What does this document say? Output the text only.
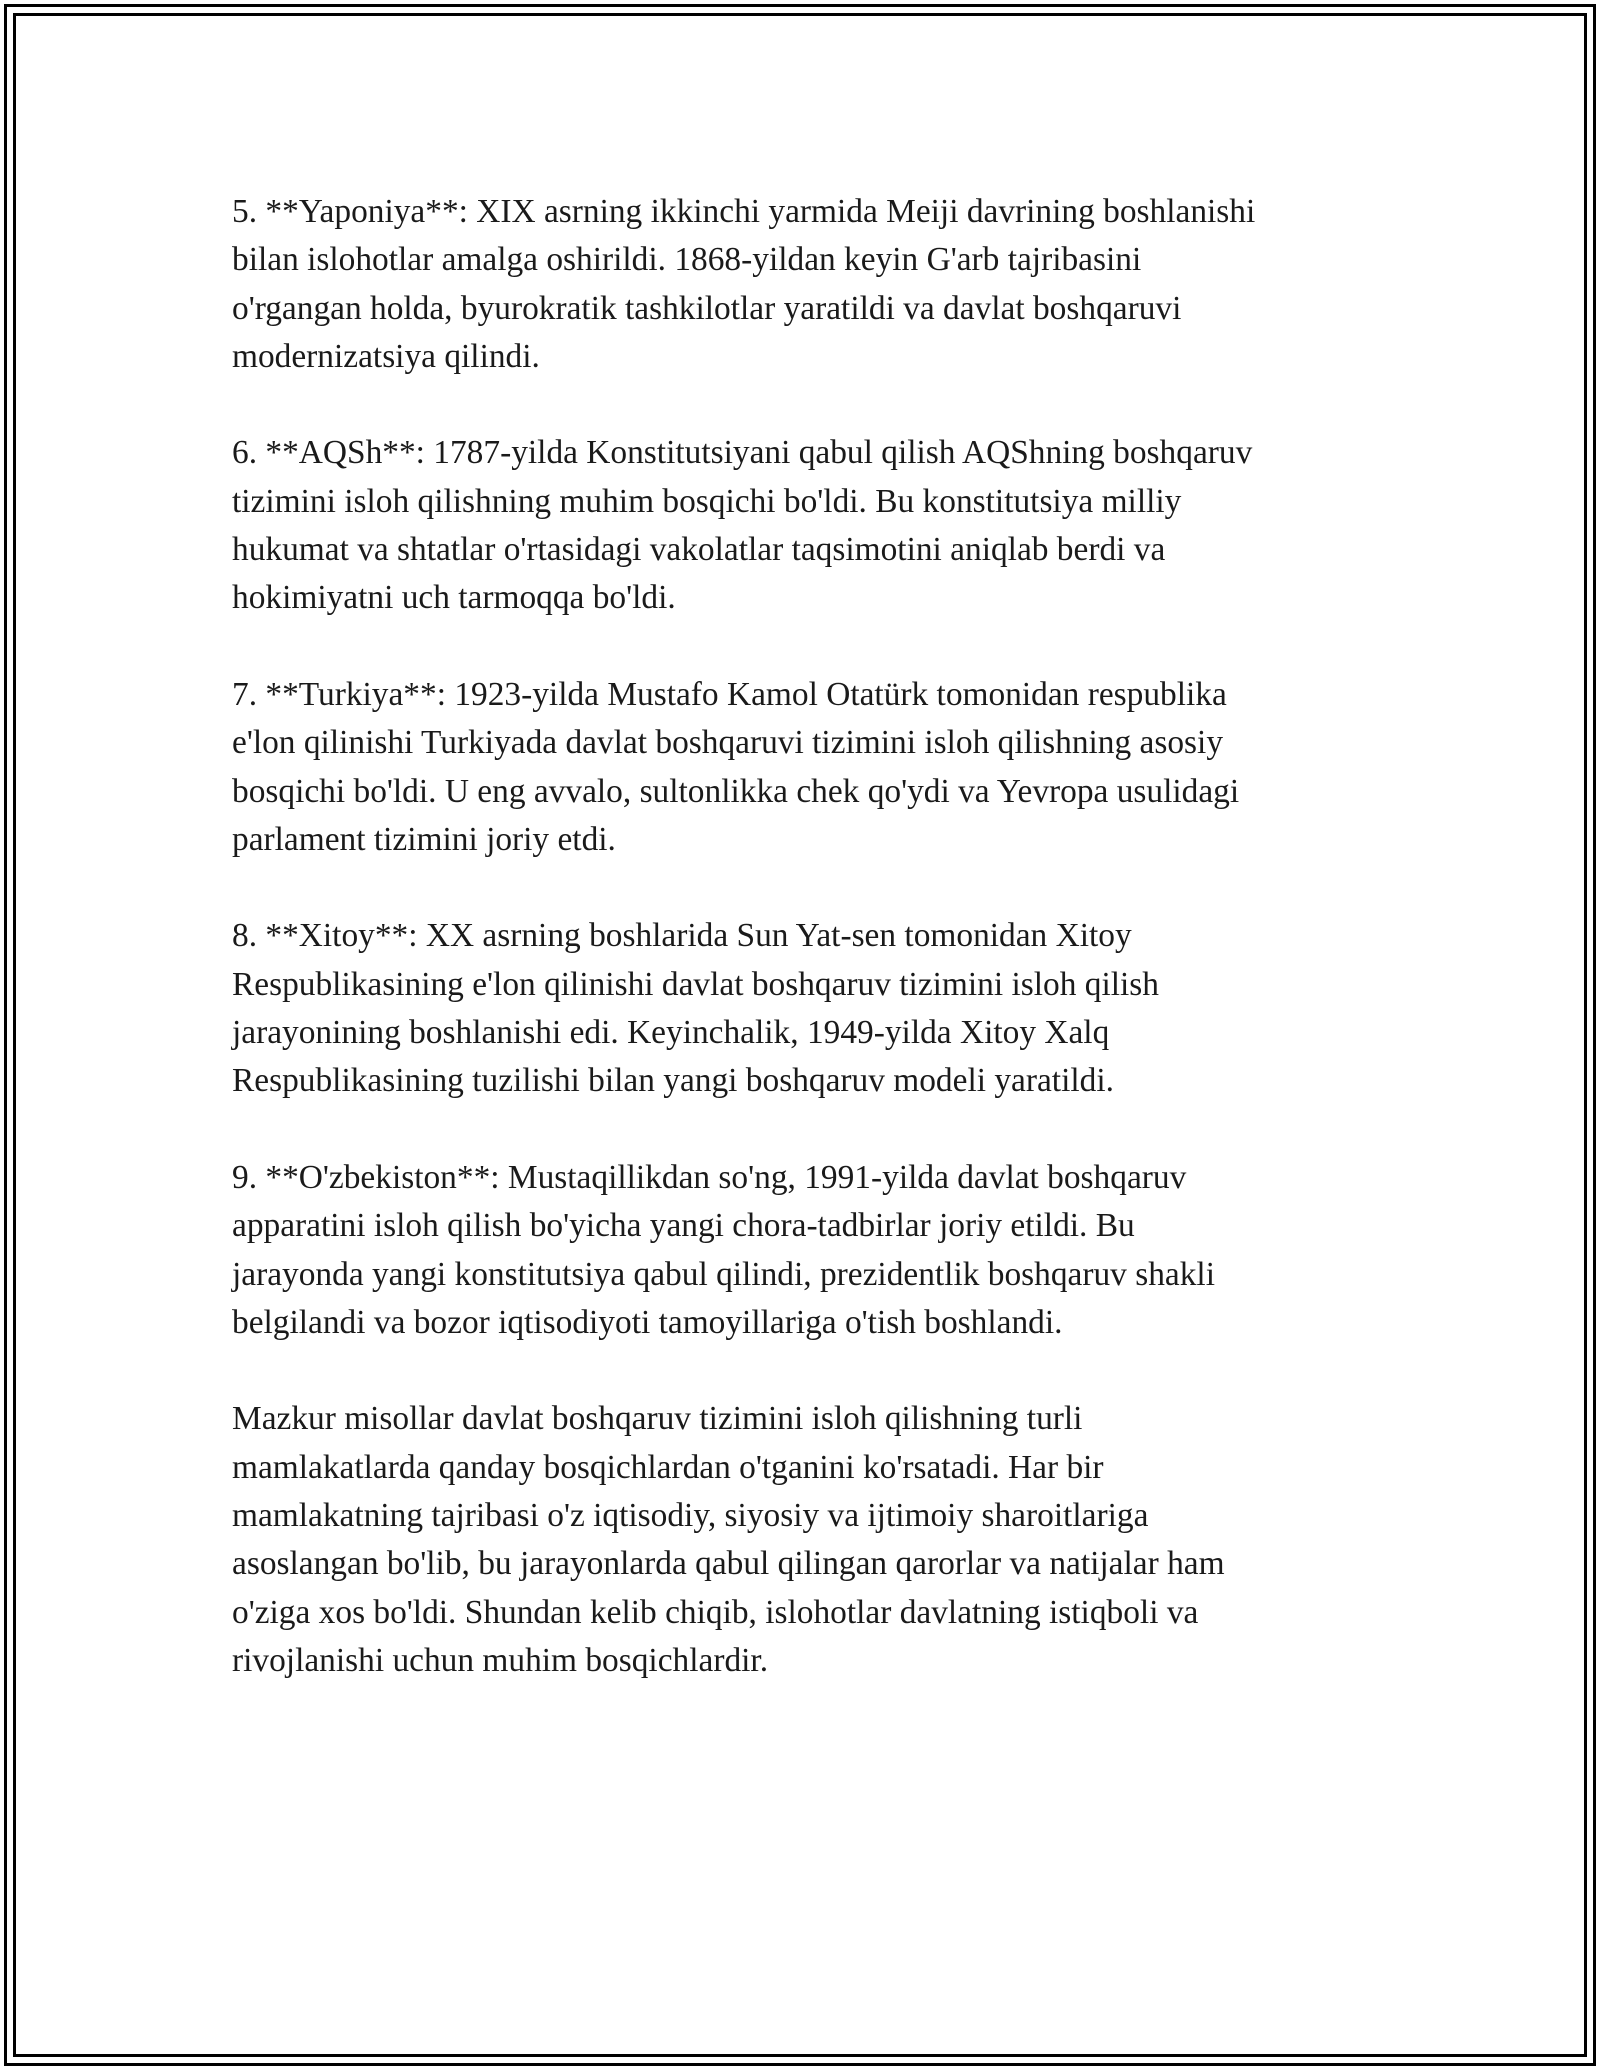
5. **Yaponiya**: XIX asrning ikkinchi yarmida Meiji davrining boshlanishi
bilan islohotlar amalga oshirildi. 1868-yildan keyin G'arb tajribasini
o'rgangan holda, byurokratik tashkilotlar yaratildi va davlat boshqaruvi
modernizatsiya qilindi.

6. **AQSh**: 1787-yilda Konstitutsiyani qabul qilish AQShning boshqaruv
tizimini isloh qilishning muhim bosqichi bo'ldi. Bu konstitutsiya milliy
hukumat va shtatlar o'rtasidagi vakolatlar taqsimotini aniqlab berdi va
hokimiyatni uch tarmoqqa bo'ldi.

7. **Turkiya**: 1923-yilda Mustafo Kamol Otatürk tomonidan respublika
e'lon qilinishi Turkiyada davlat boshqaruvi tizimini isloh qilishning asosiy
bosqichi bo'ldi. U eng avvalo, sultonlikka chek qo'ydi va Yevropa usulidagi
parlament tizimini joriy etdi.

8. **Xitoy**: XX asrning boshlarida Sun Yat-sen tomonidan Xitoy
Respublikasining e'lon qilinishi davlat boshqaruv tizimini isloh qilish
jarayonining boshlanishi edi. Keyinchalik, 1949-yilda Xitoy Xalq
Respublikasining tuzilishi bilan yangi boshqaruv modeli yaratildi.

9. **O'zbekiston**: Mustaqillikdan so'ng, 1991-yilda davlat boshqaruv
apparatini isloh qilish bo'yicha yangi chora-tadbirlar joriy etildi. Bu
jarayonda yangi konstitutsiya qabul qilindi, prezidentlik boshqaruv shakli
belgilandi va bozor iqtisodiyoti tamoyillariga o'tish boshlandi.

Mazkur misollar davlat boshqaruv tizimini isloh qilishning turli
mamlakatlarda qanday bosqichlardan o'tganini ko'rsatadi. Har bir
mamlakatning tajribasi o'z iqtisodiy, siyosiy va ijtimoiy sharoitlariga
asoslangan bo'lib, bu jarayonlarda qabul qilingan qarorlar va natijalar ham
o'ziga xos bo'ldi. Shundan kelib chiqib, islohotlar davlatning istiqboli va
rivojlanishi uchun muhim bosqichlardir.
